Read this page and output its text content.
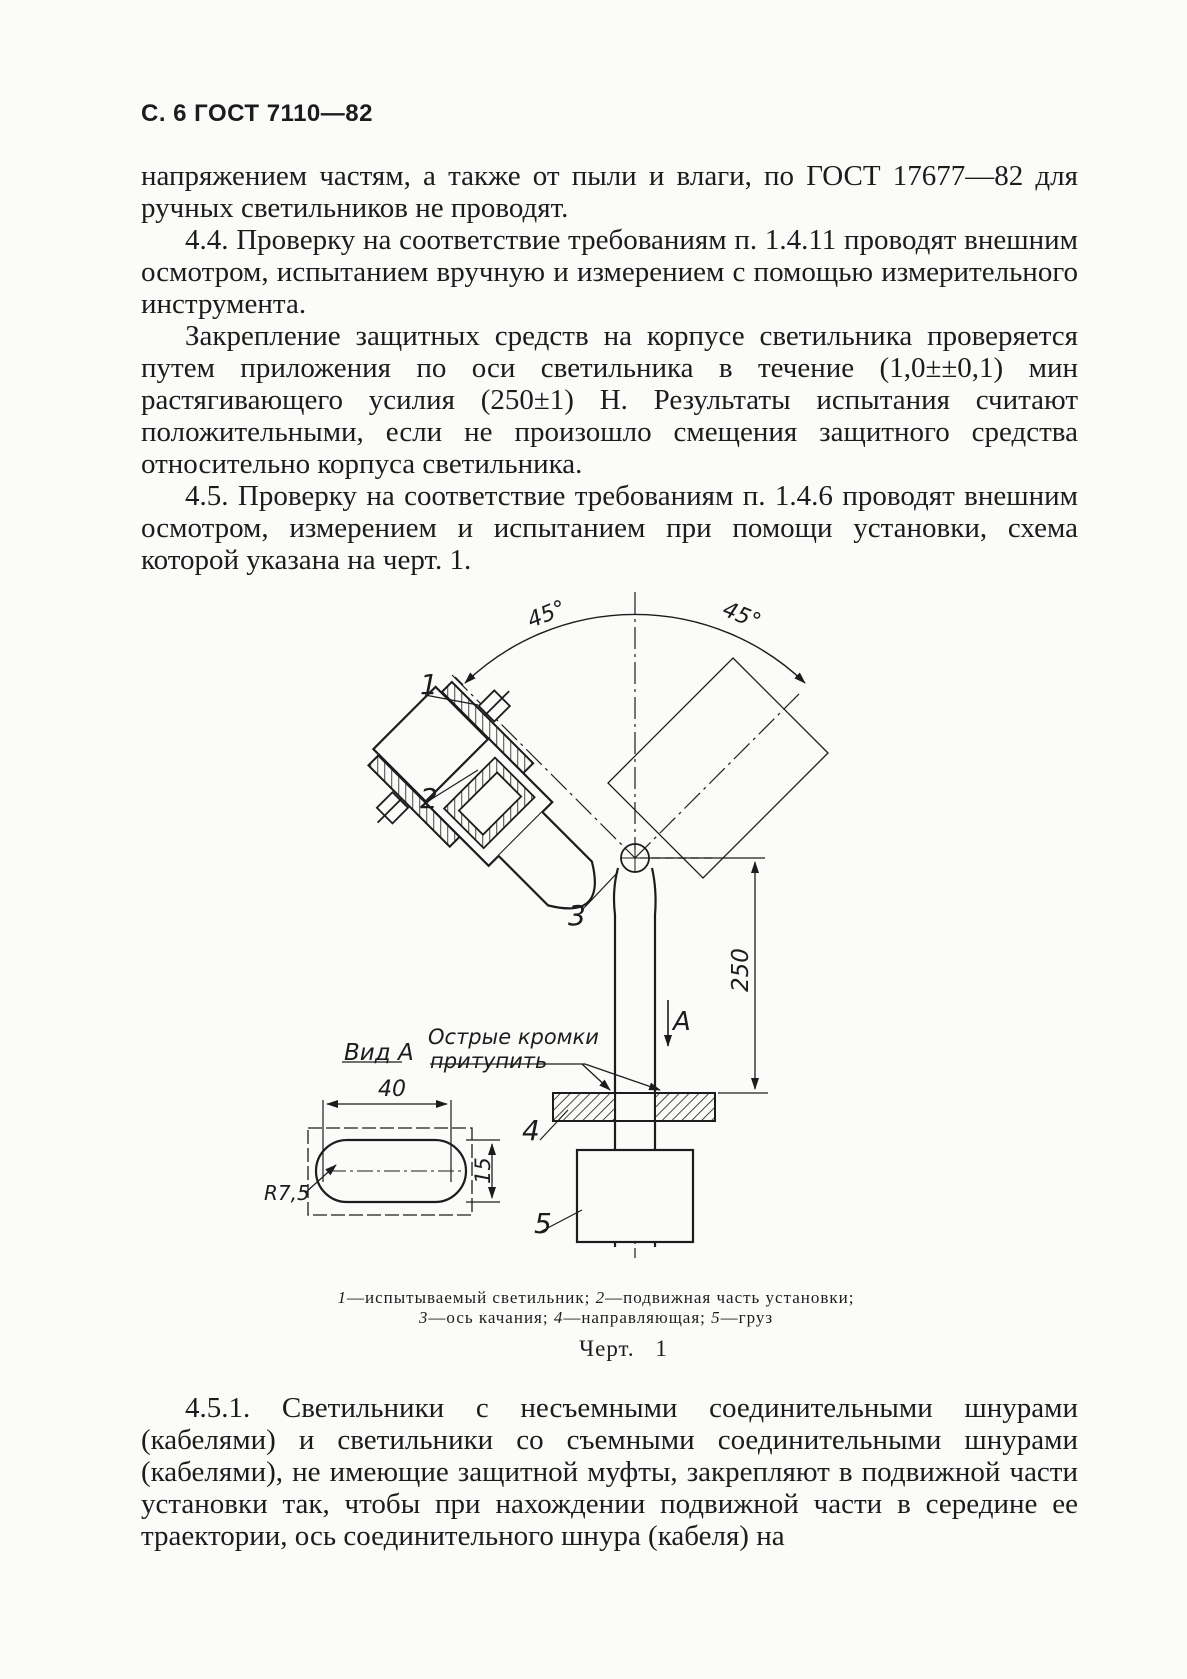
С. 6 ГОСТ 7110—82

напряжением частям, а также от пыли и влаги, по ГОСТ 17677—82 для ручных светильников не проводят.

4.4. Проверку на соответствие требованиям п. 1.4.11 проводят внешним осмотром, испытанием вручную и измерением с помощью измерительного инструмента.

Закрепление защитных средств на корпусе светильника проверяется путем приложения по оси светильника в течение (1,0±±0,1) мин растягивающего усилия (250±1) Н. Результаты испытания считают положительными, если не произошло смещения защитного средства относительно корпуса светильника.

4.5. Проверку на соответствие требованиям п. 1.4.6 проводят внешним осмотром, измерением и испытанием при помощи установки, схема которой указана на черт. 1.

45°	45°
250
А
Острые кромки
притупить
Вид А
40
15
R7,5
1
2
3
4
5
1—испытываемый светильник; 2—подвижная часть установки; 3—ось качания; 4—направляющая; 5—груз
Черт. 1

4.5.1. Светильники с несъемными соединительными шнурами (кабелями) и светильники со съемными соединительными шнурами (кабелями), не имеющие защитной муфты, закрепляют в подвижной части установки так, чтобы при нахождении подвижной части в середине ее траектории, ось соединительного шнура (кабеля) на
